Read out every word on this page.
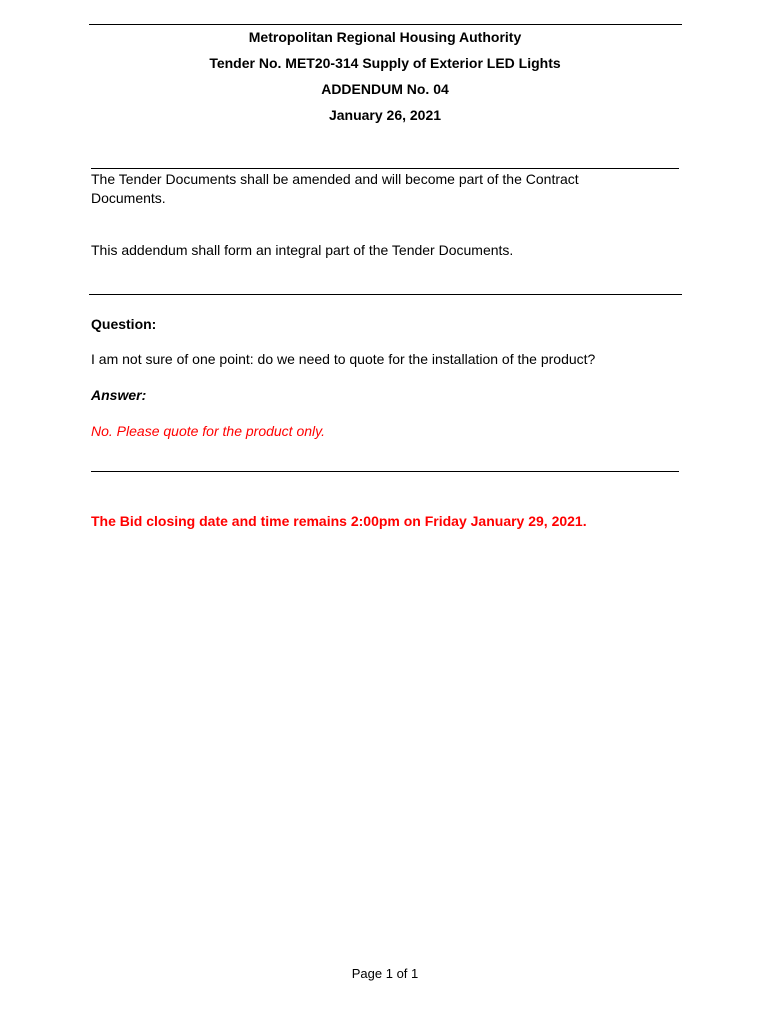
Metropolitan Regional Housing Authority
Tender No. MET20-314 Supply of Exterior LED Lights
ADDENDUM No. 04
January 26, 2021
The Tender Documents shall be amended and will become part of the Contract
Documents.
This addendum shall form an integral part of the Tender Documents.
Question:
I am not sure of one point: do we need to quote for the installation of the product?
Answer:
No. Please quote for the product only.
The Bid closing date and time remains 2:00pm on Friday January 29, 2021.
Page 1 of 1
